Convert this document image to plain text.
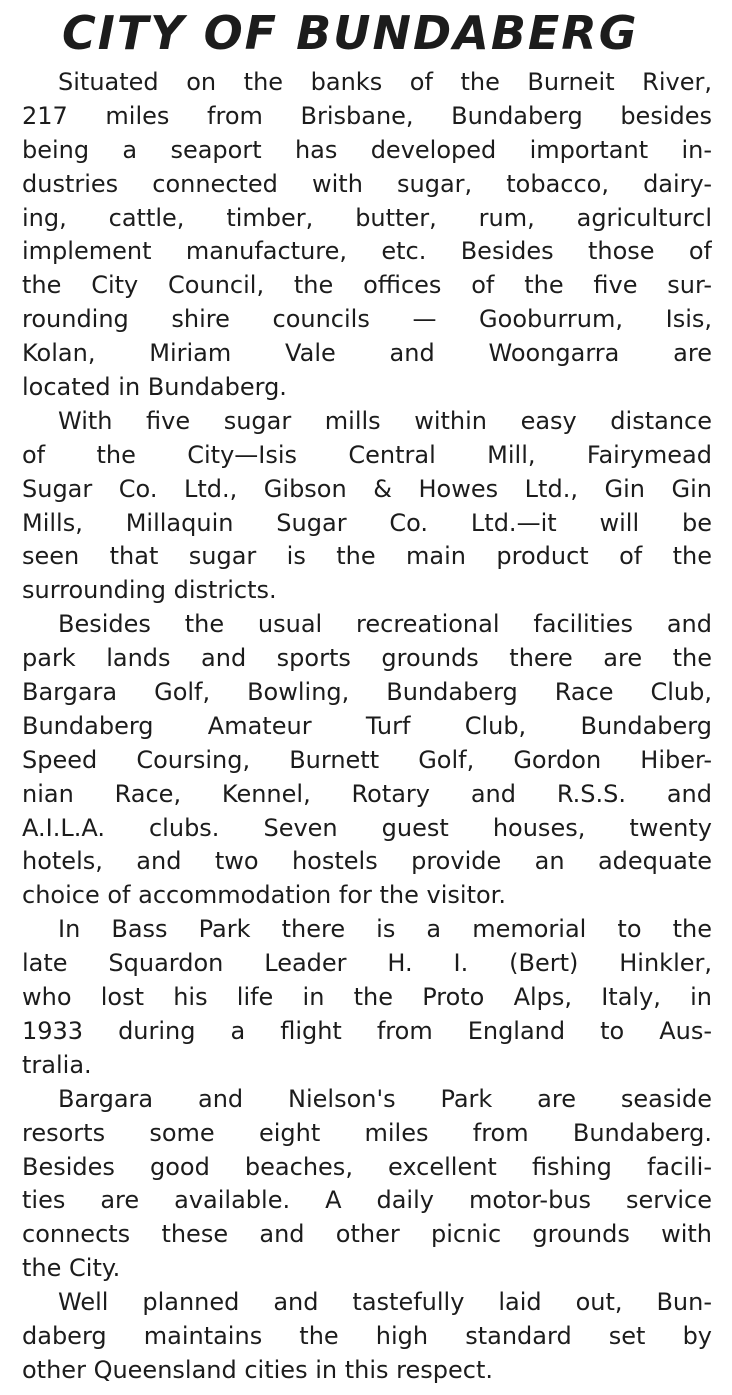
CITY OF BUNDABERG
Situated on the banks of the Burneit River,
217 miles from Brisbane, Bundaberg besides
being a seaport has developed important in-
dustries connected with sugar, tobacco, dairy-
ing, cattle, timber, butter, rum, agriculturcl
implement manufacture, etc. Besides those of
the City Council, the offices of the five sur-
rounding shire councils — Gooburrum, Isis,
Kolan, Miriam Vale and Woongarra are
located in Bundaberg.
With five sugar mills within easy distance
of the City—Isis Central Mill, Fairymead
Sugar Co. Ltd., Gibson & Howes Ltd., Gin Gin
Mills, Millaquin Sugar Co. Ltd.—it will be
seen that sugar is the main product of the
surrounding districts.
Besides the usual recreational facilities and
park lands and sports grounds there are the
Bargara Golf, Bowling, Bundaberg Race Club,
Bundaberg Amateur Turf Club, Bundaberg
Speed Coursing, Burnett Golf, Gordon Hiber-
nian Race, Kennel, Rotary and R.S.S. and
A.I.L.A. clubs. Seven guest houses, twenty
hotels, and two hostels provide an adequate
choice of accommodation for the visitor.
In Bass Park there is a memorial to the
late Squardon Leader H. I. (Bert) Hinkler,
who lost his life in the Proto Alps, Italy, in
1933 during a flight from England to Aus-
tralia.
Bargara and Nielson's Park are seaside
resorts some eight miles from Bundaberg.
Besides good beaches, excellent fishing facili-
ties are available. A daily motor-bus service
connects these and other picnic grounds with
the City.
Well planned and tastefully laid out, Bun-
daberg maintains the high standard set by
other Queensland cities in this respect.
